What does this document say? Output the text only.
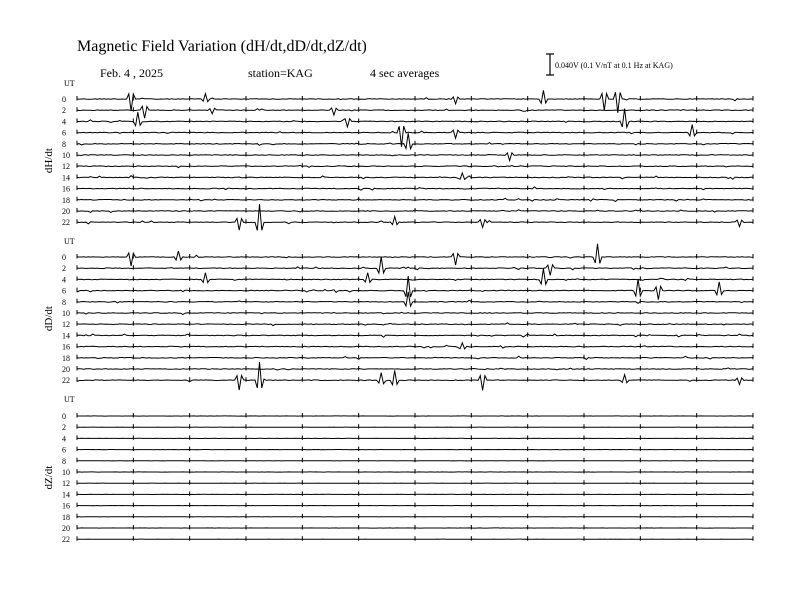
Magnetic Field Variation (dH/dt,dD/dt,dZ/dt)
Feb. 4 , 2025	station=KAG	4 sec averages
0.040V (0.1 V/nT at 0.1 Hz at KAG)
UT
dH/dt
0
2
4
6
8
10
12
14
16
18
20
22
UT
dD/dt
0
2
4
6
8
10
12
14
16
18
20
22
UT
dZ/dt
0
2
4
6
8
10
12
14
16
18
20
22
